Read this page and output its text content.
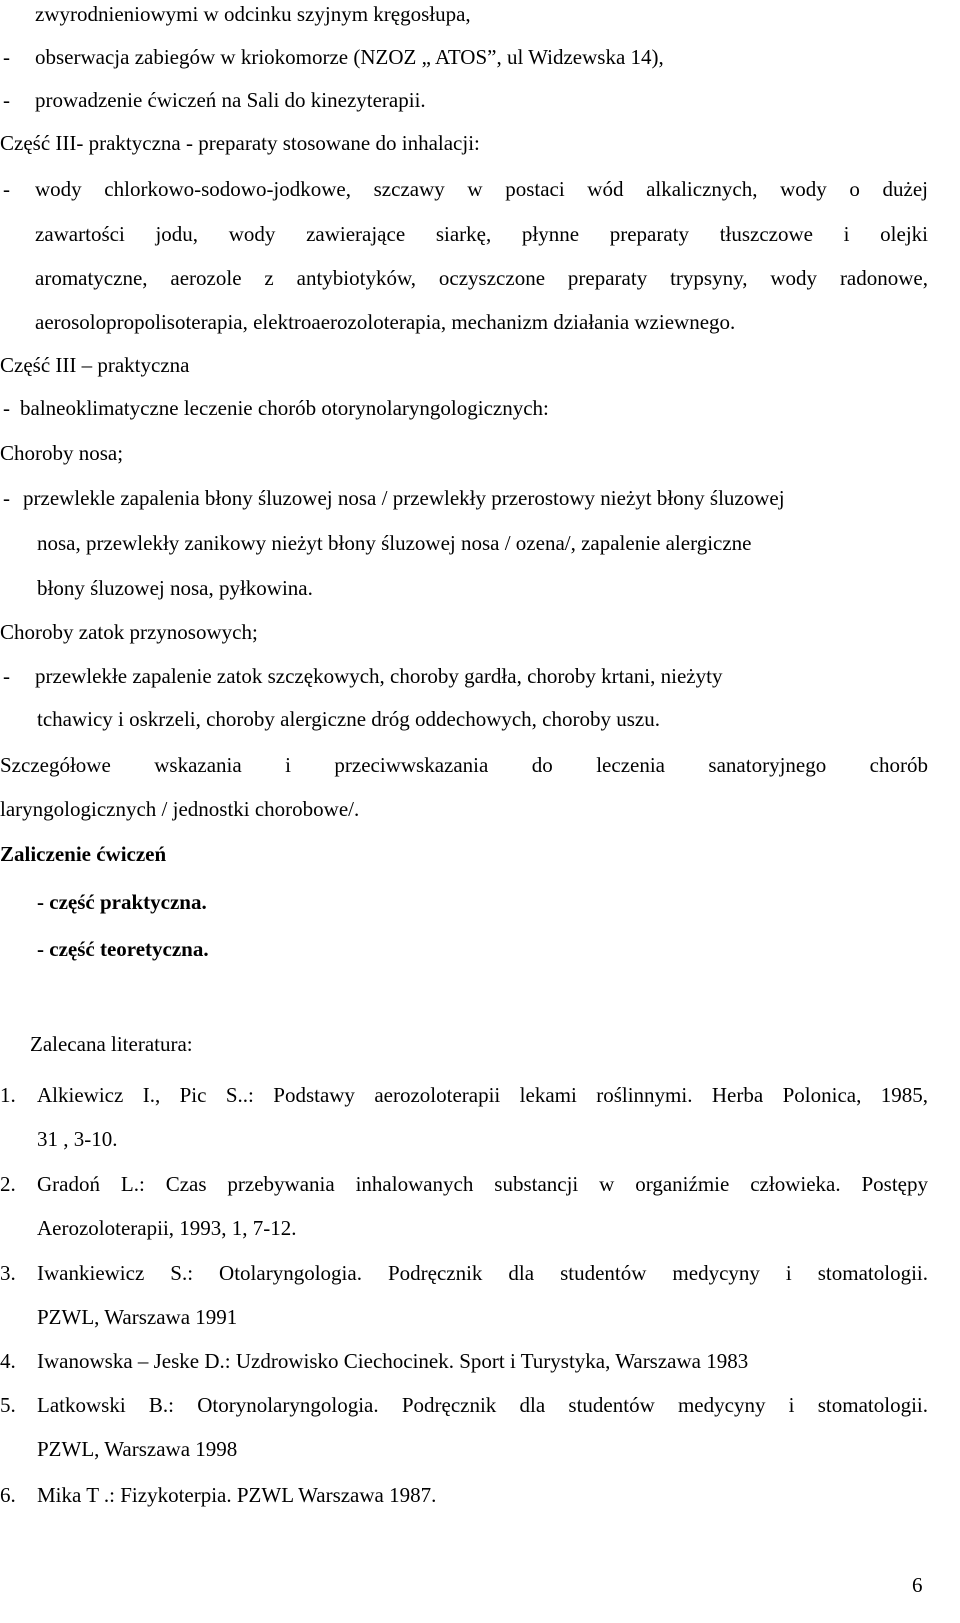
zwyrodnieniowymi w odcinku szyjnym kręgosłupa,
- obserwacja zabiegów w kriokomorze (NZOZ „ ATOS”, ul Widzewska 14),
- prowadzenie ćwiczeń na Sali do kinezyterapii.
Część III- praktyczna - preparaty stosowane do inhalacji:
- wody chlorkowo-sodowo-jodkowe, szczawy w postaci wód alkalicznych, wody o dużej
zawartości jodu, wody zawierające siarkę, płynne preparaty tłuszczowe i olejki
aromatyczne, aerozole z antybiotyków, oczyszczone preparaty trypsyny, wody radonowe,
aerosolopropolisoterapia, elektroaerozoloterapia, mechanizm działania wziewnego.
Część III – praktyczna
- balneoklimatyczne leczenie chorób otorynolaryngologicznych:
Choroby nosa;
- przewlekle zapalenia błony śluzowej nosa / przewlekły przerostowy nieżyt błony śluzowej
nosa, przewlekły zanikowy nieżyt błony śluzowej nosa / ozena/, zapalenie alergiczne
błony śluzowej nosa, pyłkowina.
Choroby zatok przynosowych;
- przewlekłe zapalenie zatok szczękowych, choroby gardła, choroby krtani, nieżyty
tchawicy i oskrzeli, choroby alergiczne dróg oddechowych, choroby uszu.
Szczegółowe wskazania i przeciwwskazania do leczenia sanatoryjnego chorób
laryngologicznych / jednostki chorobowe/.
Zaliczenie ćwiczeń
- część praktyczna.
- część teoretyczna.
Zalecana literatura:
1. Alkiewicz I., Pic S..: Podstawy aerozoloterapii lekami roślinnymi. Herba Polonica, 1985,
31 , 3-10.
2. Gradoń L.: Czas przebywania inhalowanych substancji w organiźmie człowieka. Postępy
Aerozoloterapii, 1993, 1, 7-12.
3. Iwankiewicz S.: Otolaryngologia. Podręcznik dla studentów medycyny i stomatologii.
PZWL, Warszawa 1991
4. Iwanowska – Jeske D.: Uzdrowisko Ciechocinek. Sport i Turystyka, Warszawa 1983
5. Latkowski B.: Otorynolaryngologia. Podręcznik dla studentów medycyny i stomatologii.
PZWL, Warszawa 1998
6. Mika T .: Fizykoterpia. PZWL Warszawa 1987.
6
